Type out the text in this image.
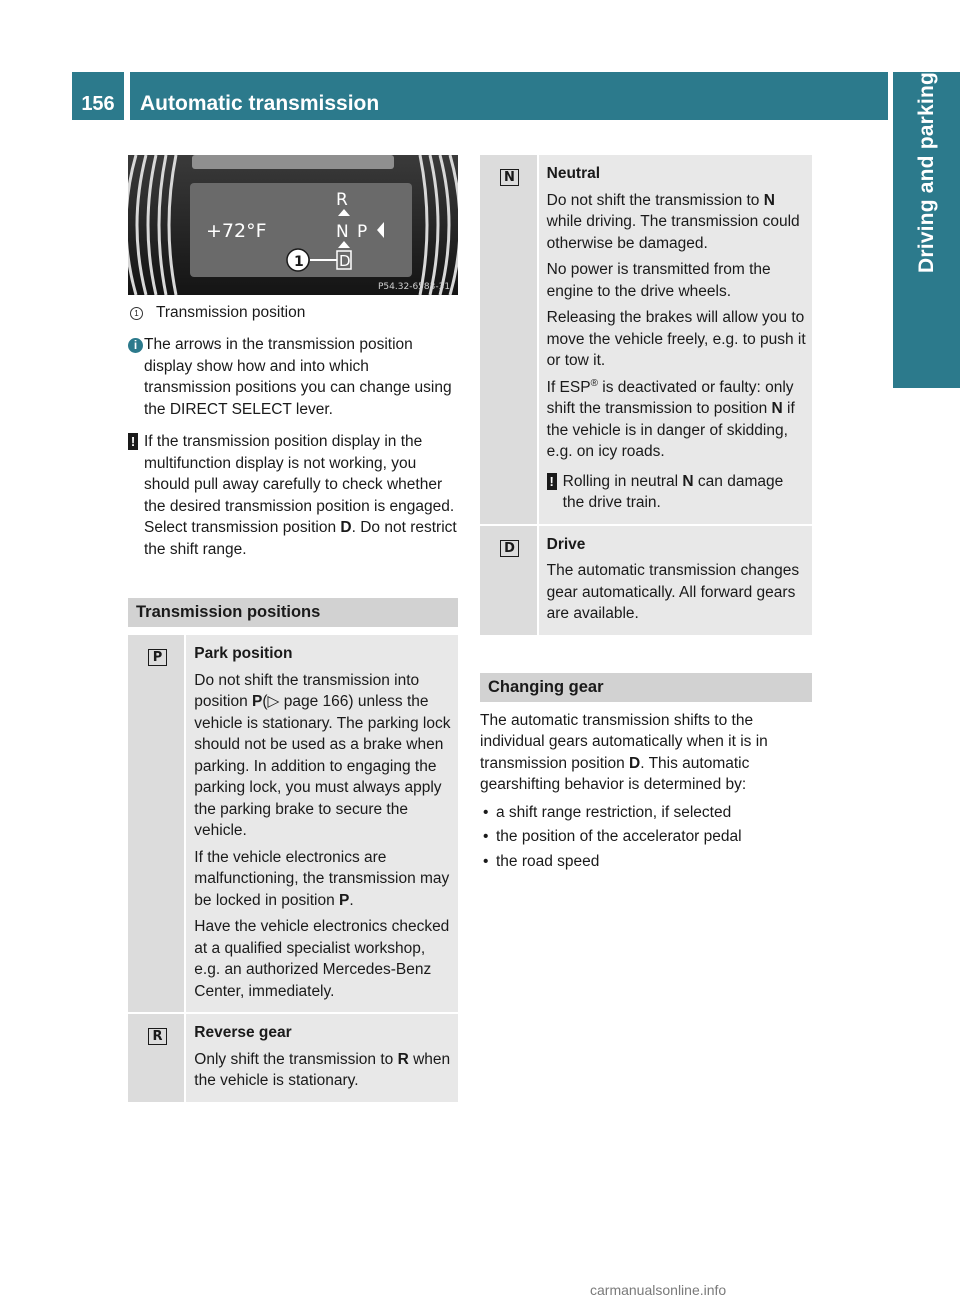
156	Automatic transmission	Driving and parking
+72°F
R
N P
D
1
P54.32-6583-31
1 Transmission position
i The arrows in the transmission position display show how and into which transmission positions you can change using the DIRECT SELECT lever.

! If the transmission position display in the multifunction display is not working, you should pull away carefully to check whether the desired transmission position is engaged. Select transmission position D. Do not restrict the shift range.

Transmission positions
P	Park position

Do not shift the transmission into position P(▷ page 166) unless the vehicle is stationary. The parking lock should not be used as a brake when parking. In addition to engaging the parking lock, you must always apply the parking brake to secure the vehicle.

If the vehicle electronics are malfunctioning, the transmission may be locked in position P.

Have the vehicle electronics checked at a qualified specialist workshop, e.g. an authorized Mercedes-Benz Center, immediately.

R Reverse gear

Only shift the transmission to R when the vehicle is stationary.

N Neutral

Do not shift the transmission to N while driving. The transmission could otherwise be damaged.

No power is transmitted from the engine to the drive wheels.

Releasing the brakes will allow you to move the vehicle freely, e.g. to push it or tow it.

If ESP® is deactivated or faulty: only shift the transmission to position N if the vehicle is in danger of skidding, e.g. on icy roads.

! Rolling in neutral N can damage the drive train.

D Drive

The automatic transmission changes gear automatically. All forward gears are available.

Changing gear

The automatic transmission shifts to the individual gears automatically when it is in transmission position D. This automatic gearshifting behavior is determined by:

• a shift range restriction, if selected
• the position of the accelerator pedal
• the road speed
carmanualsonline.info
